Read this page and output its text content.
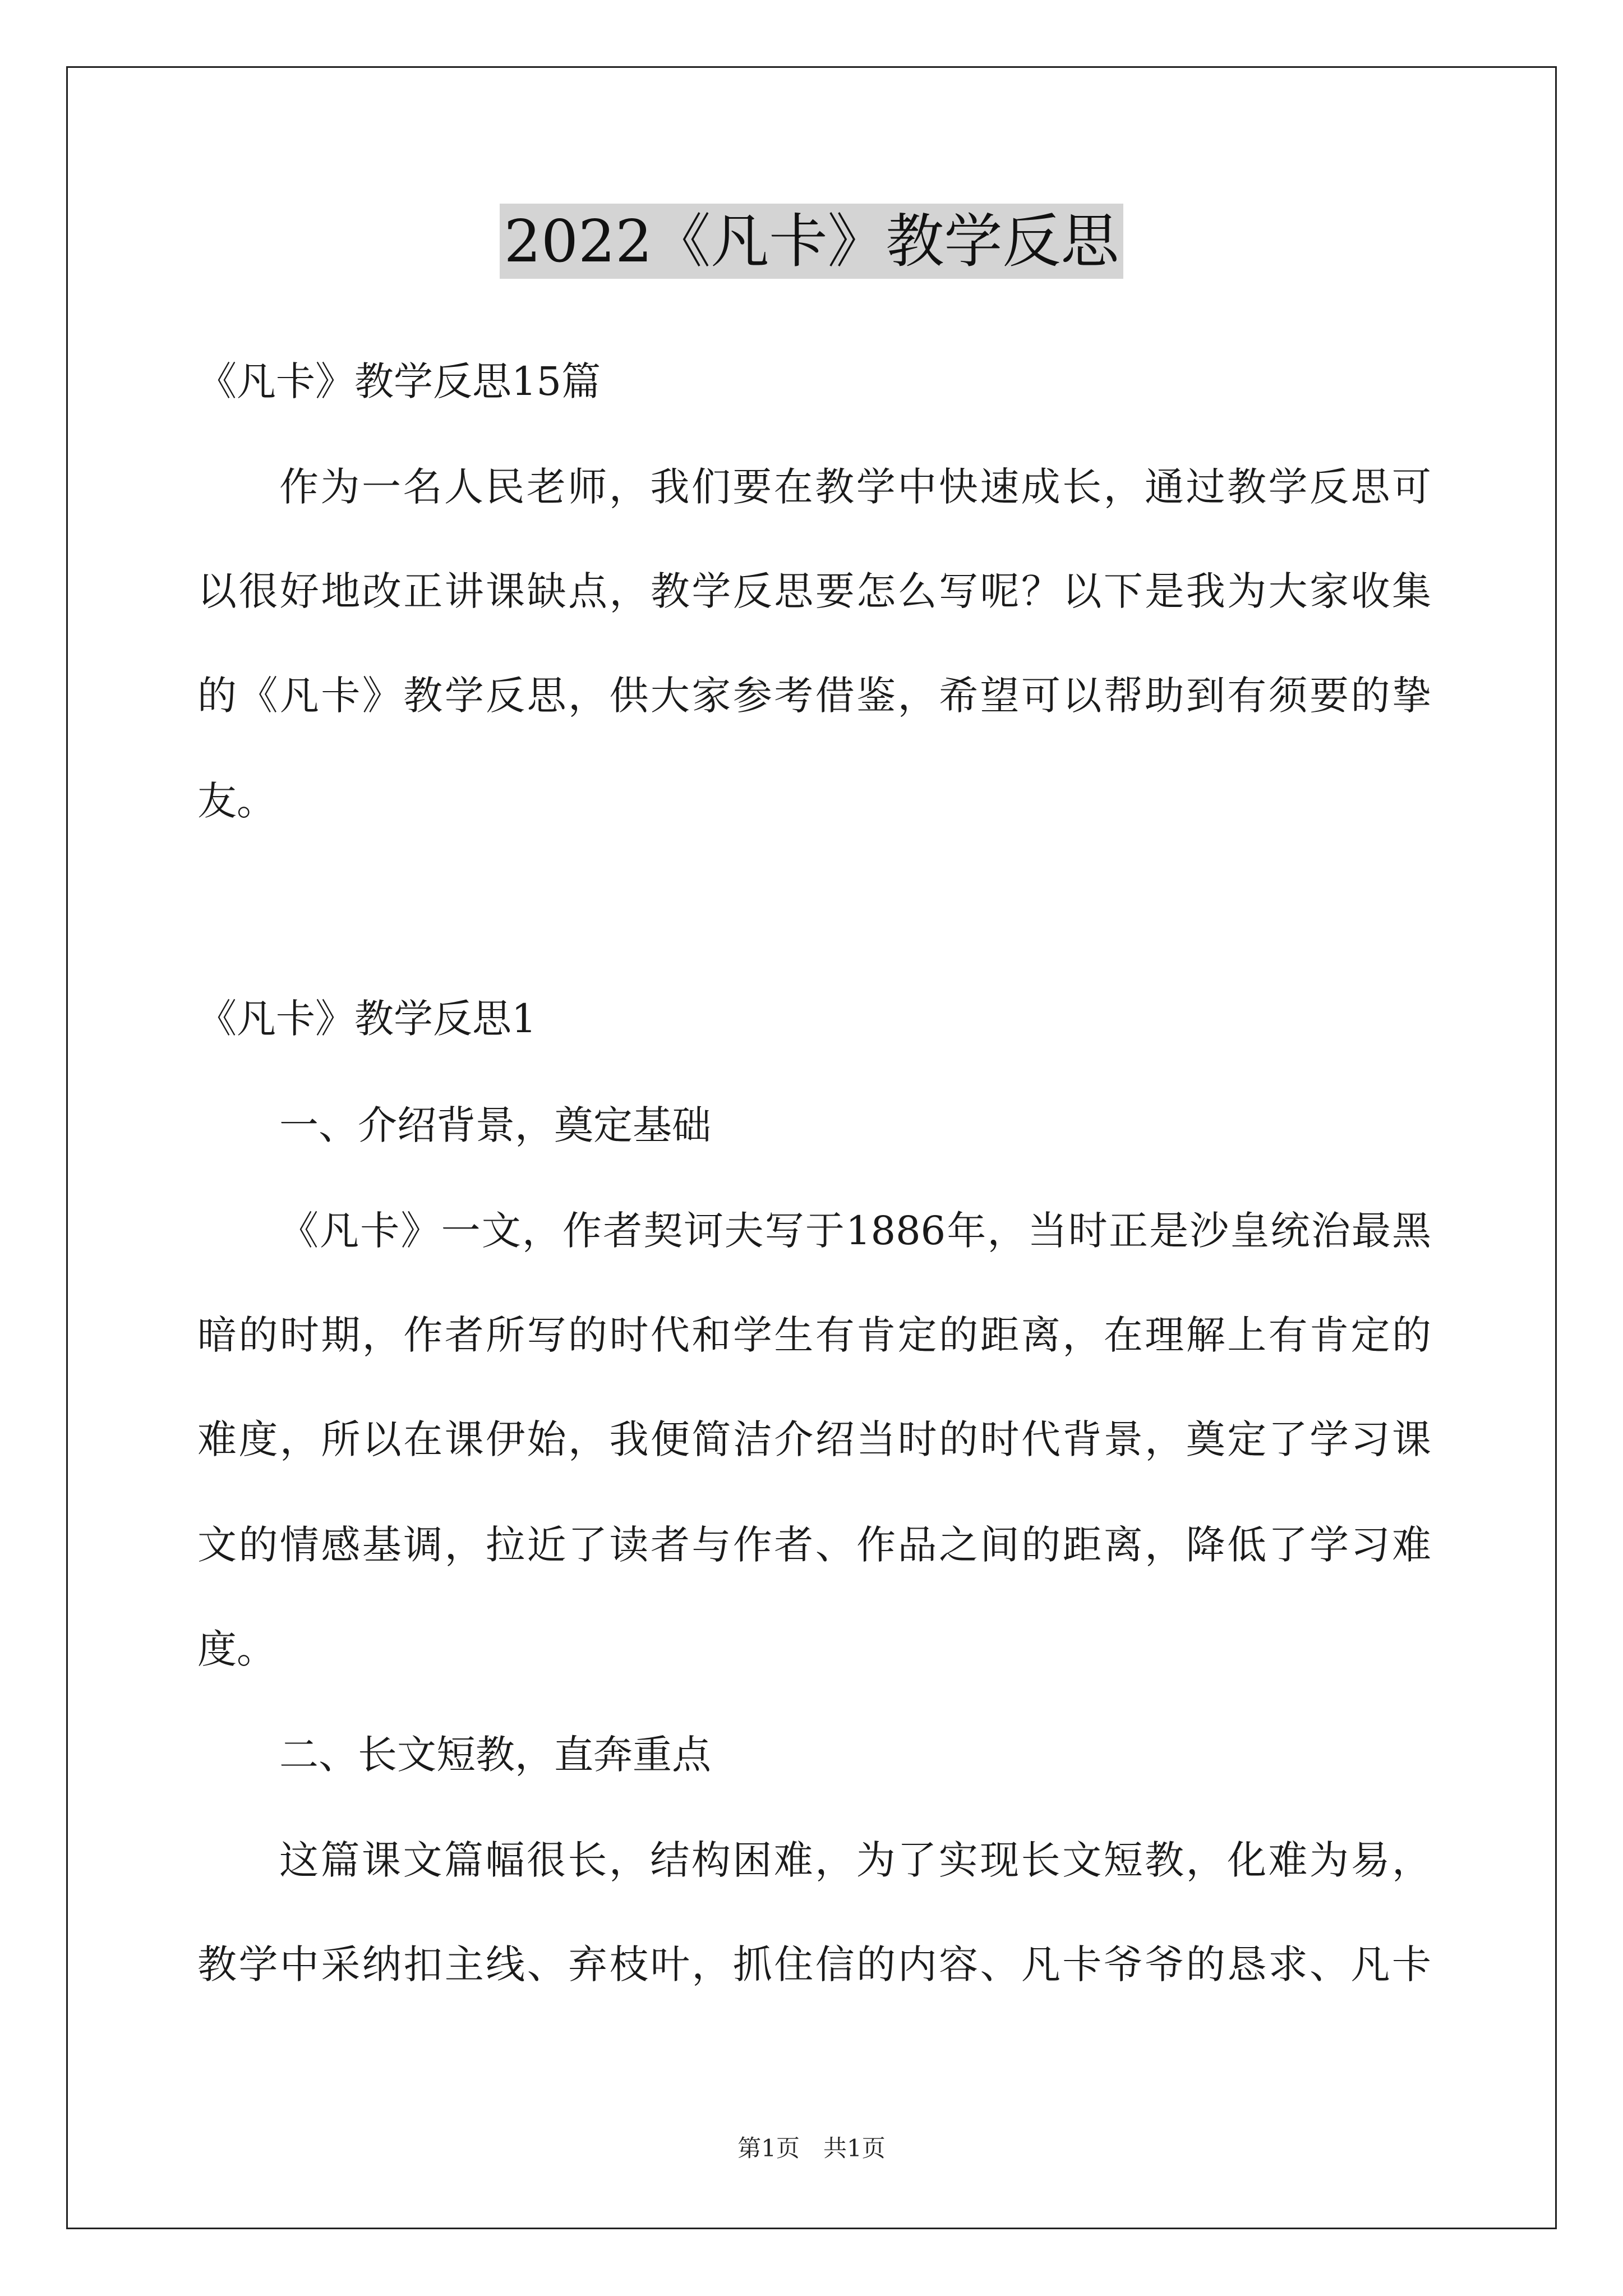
2022《凡卡》教学反思
《凡卡》教学反思15篇
作为一名人民老师，我们要在教学中快速成长，通过教学反思可
以很好地改正讲课缺点，教学反思要怎么写呢？以下是我为大家收集
的《凡卡》教学反思，供大家参考借鉴，希望可以帮助到有须要的挚
友。
《凡卡》教学反思1
一、介绍背景，奠定基础
《凡卡》一文，作者契诃夫写于1886年，当时正是沙皇统治最黑
暗的时期，作者所写的时代和学生有肯定的距离，在理解上有肯定的
难度，所以在课伊始，我便简洁介绍当时的时代背景，奠定了学习课
文的情感基调，拉近了读者与作者、作品之间的距离，降低了学习难
度。
二、长文短教，直奔重点
这篇课文篇幅很长，结构困难，为了实现长文短教，化难为易，
教学中采纳扣主线、弃枝叶，抓住信的内容、凡卡爷爷的恳求、凡卡
第1页　共1页
